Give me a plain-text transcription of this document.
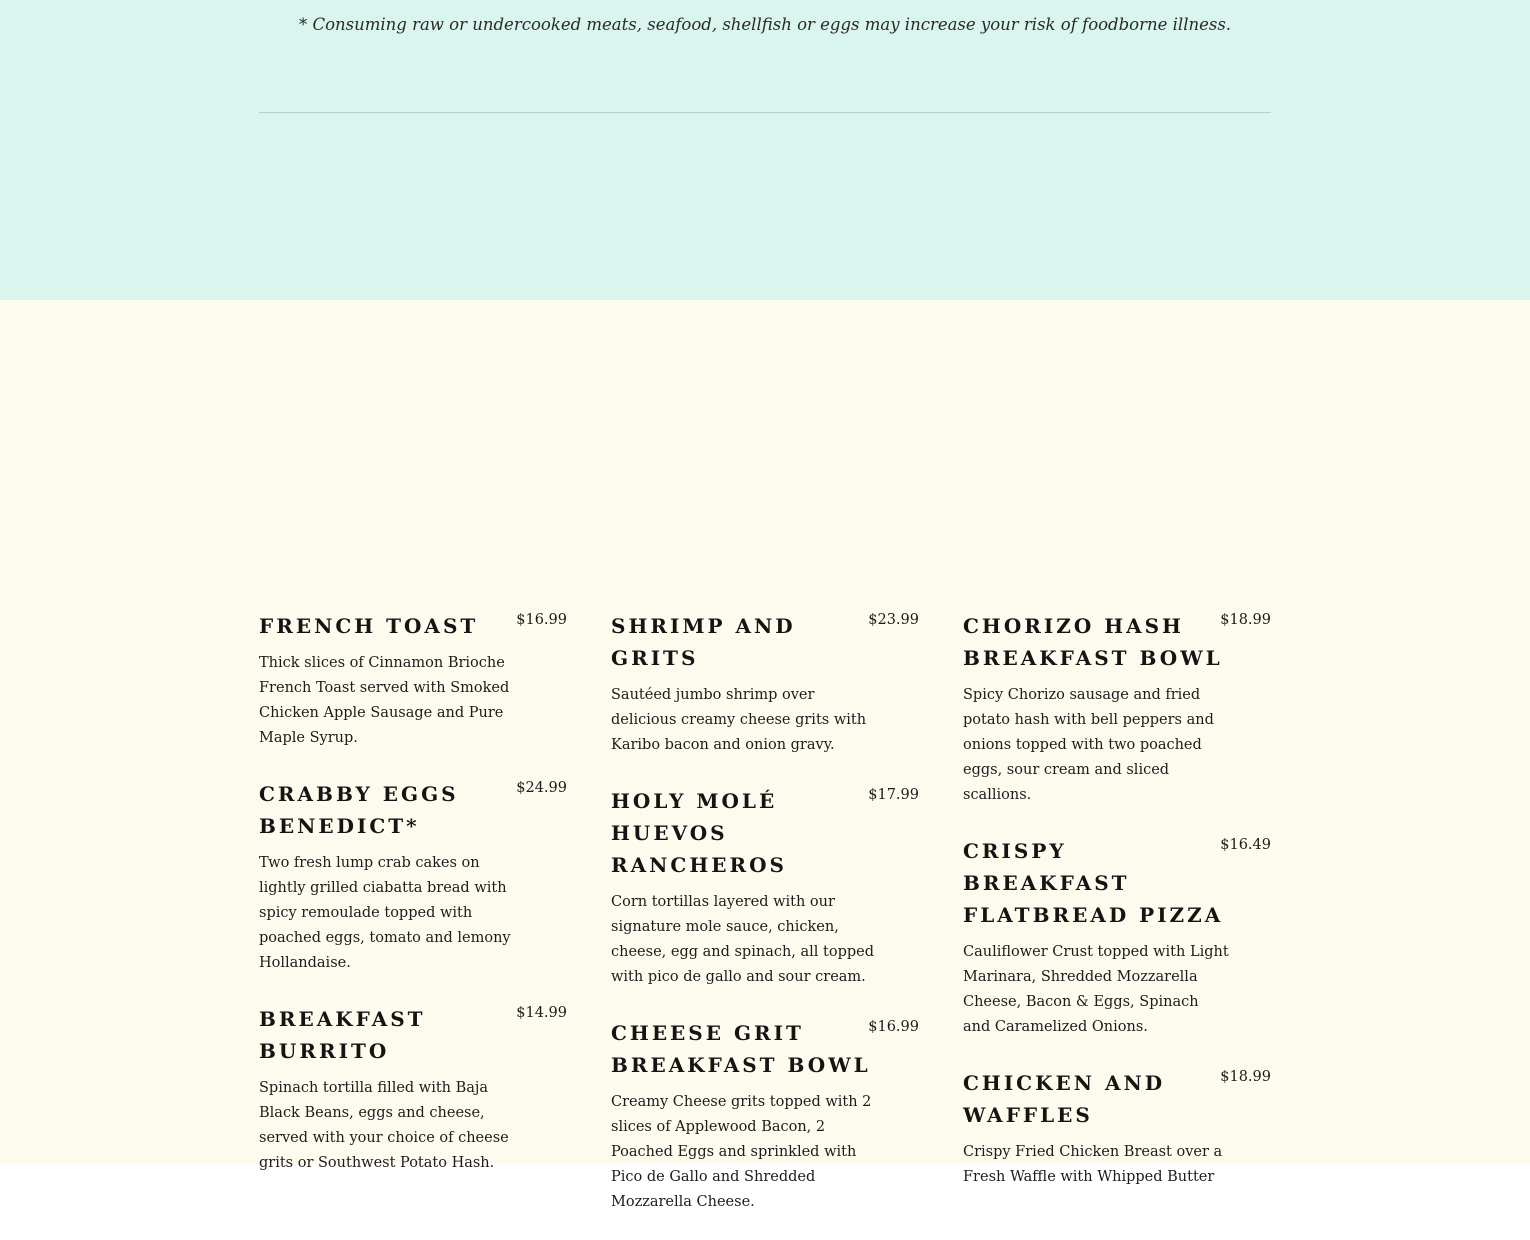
* Consuming raw or undercooked meats, seafood, shellfish or eggs may increase your risk of foodborne illness.
FRENCH TOAST	$16.99

Thick slices of Cinnamon Brioche French Toast served with Smoked Chicken Apple Sausage and Pure Maple Syrup.

CRABBY EGGS BENEDICT*
$24.99

Two fresh lump crab cakes on lightly grilled ciabatta bread with spicy remoulade topped with poached eggs, tomato and lemony Hollandaise.

BREAKFAST BURRITO
$14.99

Spinach tortilla filled with Baja Black Beans, eggs and cheese, served with your choice of cheese grits or Southwest Potato Hash.

SHRIMP AND GRITS
$23.99

Sautéed jumbo shrimp over delicious creamy cheese grits with Karibo bacon and onion gravy.

HOLY MOLÉ HUEVOS RANCHEROS
$17.99

Corn tortillas layered with our signature mole sauce, chicken, cheese, egg and spinach, all topped with pico de gallo and sour cream.

CHEESE GRIT BREAKFAST BOWL
$16.99

Creamy Cheese grits topped with 2 slices of Applewood Bacon, 2 Poached Eggs and sprinkled with Pico de Gallo and Shredded Mozzarella Cheese.

CHORIZO HASH BREAKFAST BOWL
$18.99

Spicy Chorizo sausage and fried potato hash with bell peppers and onions topped with two poached eggs, sour cream and sliced scallions.

CRISPY BREAKFAST FLATBREAD PIZZA
$16.49

Cauliflower Crust topped with Light Marinara, Shredded Mozzarella Cheese, Bacon & Eggs, Spinach and Caramelized Onions.

CHICKEN AND WAFFLES
$18.99

Crispy Fried Chicken Breast over a Fresh Waffle with Whipped Butter
